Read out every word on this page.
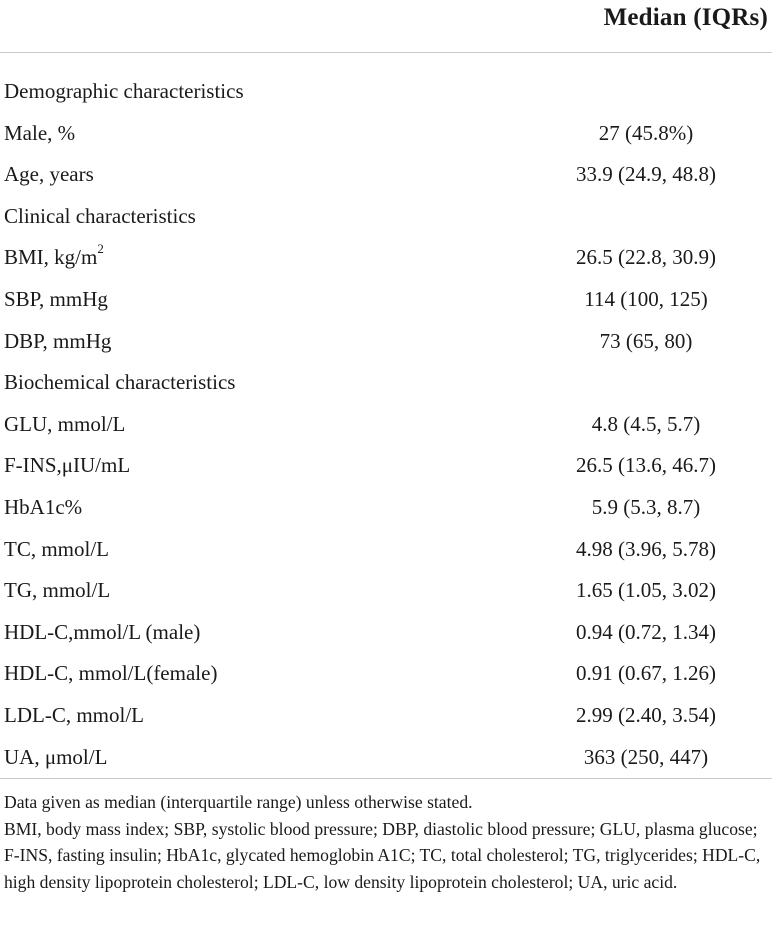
Median (IQRs)
Demographic characteristics
Male, %	27 (45.8%)
Age, years	33.9 (24.9, 48.8)
Clinical characteristics
BMI, $kg/m^2$	26.5 (22.8, 30.9)
SBP, mmHg	114 (100, 125)
DBP, mmHg	73 (65, 80)
Biochemical characteristics
GLU, mmol/L	4.8 (4.5, 5.7)
F-INS,μIU/mL	26.5 (13.6, 46.7)
HbA1c%	5.9 (5.3, 8.7)
TC, mmol/L	4.98 (3.96, 5.78)
TG, mmol/L	1.65 (1.05, 3.02)
HDL-C,mmol/L (male)	0.94 (0.72, 1.34)
HDL-C, mmol/L(female)	0.91 (0.67, 1.26)
LDL-C, mmol/L	2.99 (2.40, 3.54)
UA, μmol/L	363 (250, 447)

Data given as median (interquartile range) unless otherwise stated.

BMI, body mass index; SBP, systolic blood pressure; DBP, diastolic blood pressure; GLU, plasma glucose; F-INS, fasting insulin; HbA1c, glycated hemoglobin A1C; TC, total cholesterol; TG, triglycerides; HDL-C, high density lipoprotein cholesterol; LDL-C, low density lipoprotein cholesterol; UA, uric acid.
